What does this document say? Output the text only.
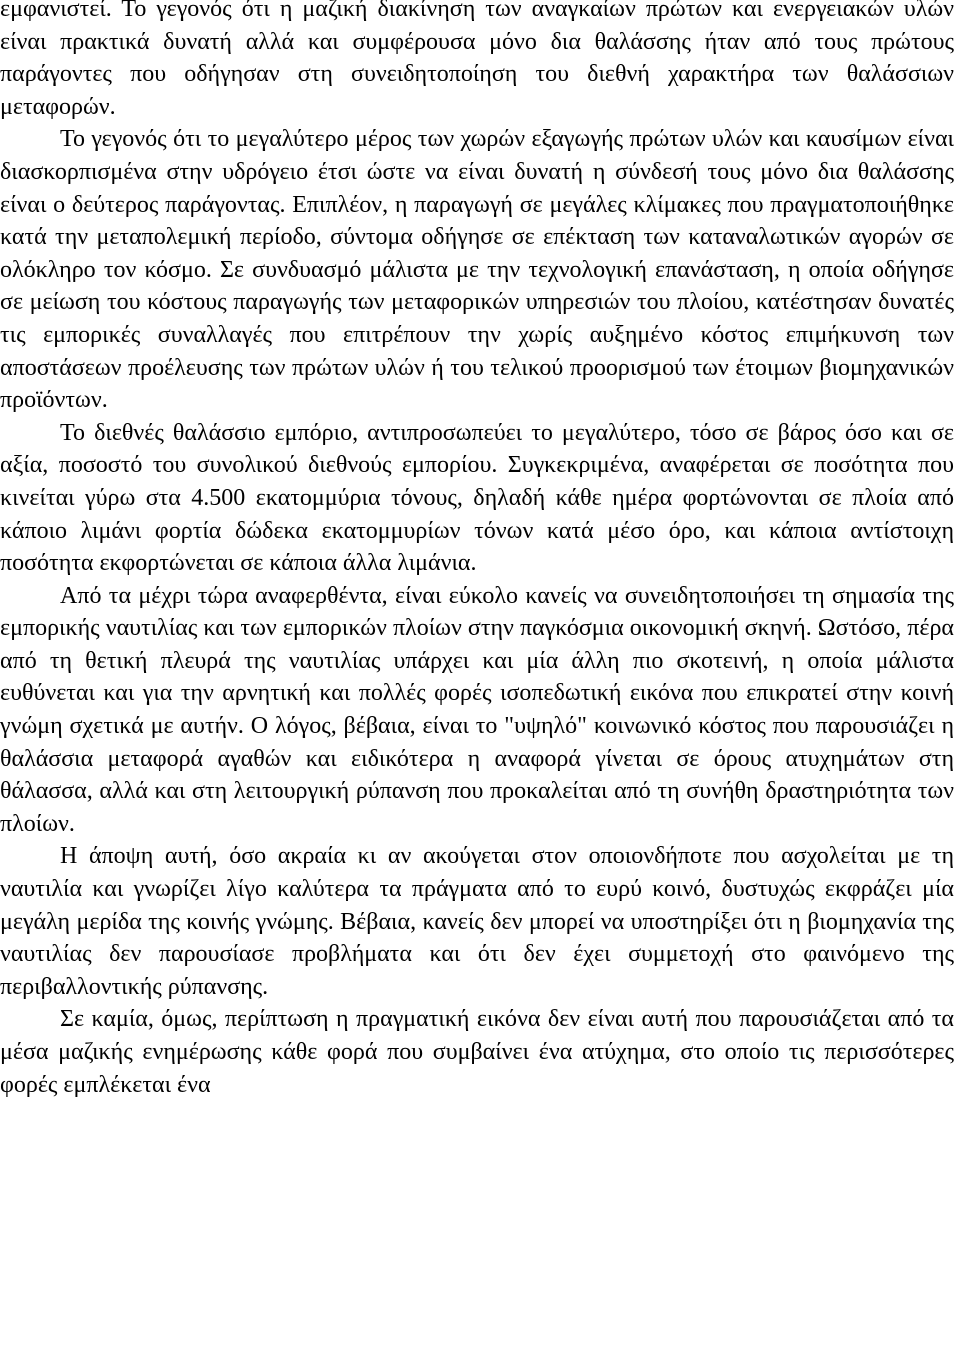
εμφανιστεί. Το γεγονός ότι η μαζική διακίνηση των αναγκαίων πρώτων και ενεργειακών υλών είναι πρακτικά δυνατή αλλά και συμφέρουσα μόνο δια θαλάσσης ήταν από τους πρώτους παράγοντες που οδήγησαν στη συνειδητοποίηση του διεθνή χαρακτήρα των θαλάσσιων μεταφορών.

Το γεγονός ότι το μεγαλύτερο μέρος των χωρών εξαγωγής πρώτων υλών και καυσίμων είναι διασκορπισμένα στην υδρόγειο έτσι ώστε να είναι δυνατή η σύνδεσή τους μόνο δια θαλάσσης είναι ο δεύτερος παράγοντας. Επιπλέον, η παραγωγή σε μεγάλες κλίμακες που πραγματοποιήθηκε κατά την μεταπολεμική περίοδο, σύντομα οδήγησε σε επέκταση των καταναλωτικών αγορών σε ολόκληρο τον κόσμο. Σε συνδυασμό μάλιστα με την τεχνολογική επανάσταση, η οποία οδήγησε σε μείωση του κόστους παραγωγής των μεταφορικών υπηρεσιών του πλοίου, κατέστησαν δυνατές τις εμπορικές συναλλαγές που επιτρέπουν την χωρίς αυξημένο κόστος επιμήκυνση των αποστάσεων προέλευσης των πρώτων υλών ή του τελικού προορισμού των έτοιμων βιομηχανικών προϊόντων.

Το διεθνές θαλάσσιο εμπόριο, αντιπροσωπεύει το μεγαλύτερο, τόσο σε βάρος όσο και σε αξία, ποσοστό του συνολικού διεθνούς εμπορίου. Συγκεκριμένα, αναφέρεται σε ποσότητα που κινείται γύρω στα 4.500 εκατομμύρια τόνους, δηλαδή κάθε ημέρα φορτώνονται σε πλοία από κάποιο λιμάνι φορτία δώδεκα εκατομμυρίων τόνων κατά μέσο όρο, και κάποια αντίστοιχη ποσότητα εκφορτώνεται σε κάποια άλλα λιμάνια.

Από τα μέχρι τώρα αναφερθέντα, είναι εύκολο κανείς να συνειδητοποιήσει τη σημασία της εμπορικής ναυτιλίας και των εμπορικών πλοίων στην παγκόσμια οικονομική σκηνή. Ωστόσο, πέρα από τη θετική πλευρά της ναυτιλίας υπάρχει και μία άλλη πιο σκοτεινή, η οποία μάλιστα ευθύνεται και για την αρνητική και πολλές φορές ισοπεδωτική εικόνα που επικρατεί στην κοινή γνώμη σχετικά με αυτήν. Ο λόγος, βέβαια, είναι το "υψηλό" κοινωνικό κόστος που παρουσιάζει η θαλάσσια μεταφορά αγαθών και ειδικότερα η αναφορά γίνεται σε όρους ατυχημάτων στη θάλασσα, αλλά και στη λειτουργική ρύπανση που προκαλείται από τη συνήθη δραστηριότητα των πλοίων.

Η άποψη αυτή, όσο ακραία κι αν ακούγεται στον οποιονδήποτε που ασχολείται με τη ναυτιλία και γνωρίζει λίγο καλύτερα τα πράγματα από το ευρύ κοινό, δυστυχώς εκφράζει μία μεγάλη μερίδα της κοινής γνώμης. Βέβαια, κανείς δεν μπορεί να υποστηρίξει ότι η βιομηχανία της ναυτιλίας δεν παρουσίασε προβλήματα και ότι δεν έχει συμμετοχή στο φαινόμενο της περιβαλλοντικής ρύπανσης.

Σε καμία, όμως, περίπτωση η πραγματική εικόνα δεν είναι αυτή που παρουσιάζεται από τα μέσα μαζικής ενημέρωσης κάθε φορά που συμβαίνει ένα ατύχημα, στο οποίο τις περισσότερες φορές εμπλέκεται ένα
